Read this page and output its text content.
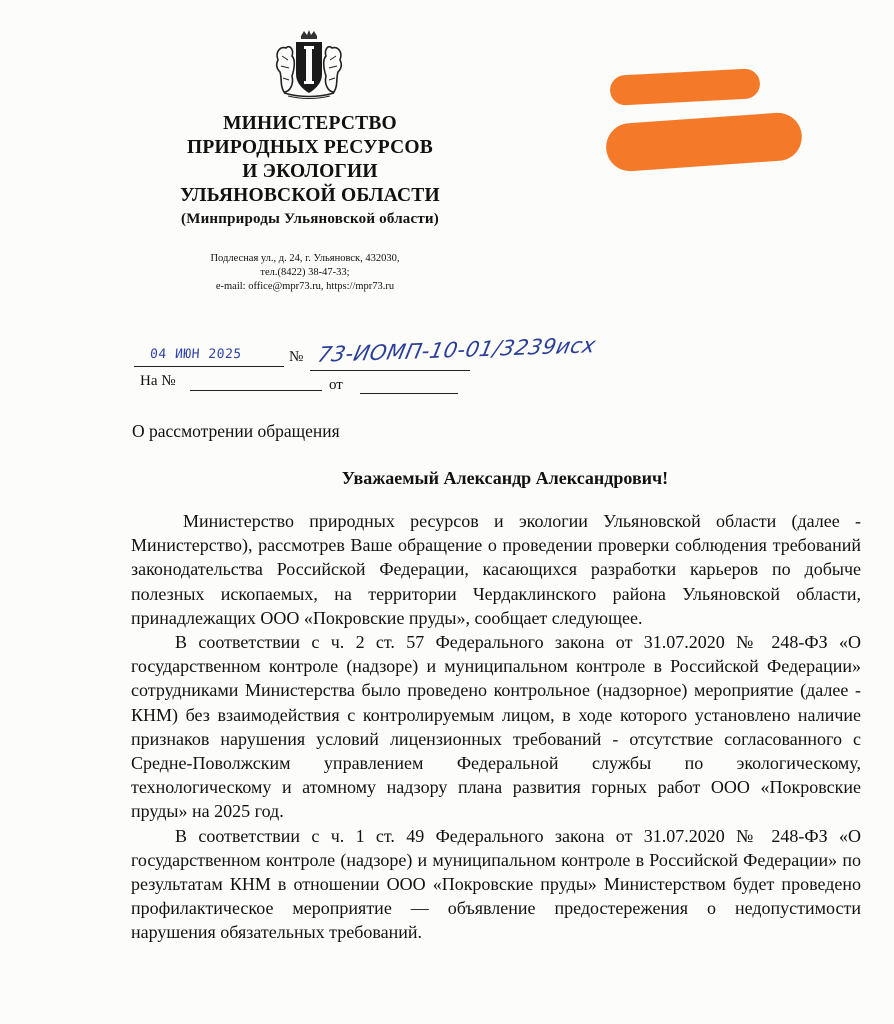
МИНИСТЕРСТВО
ПРИРОДНЫХ РЕСУРСОВ
И ЭКОЛОГИИ
УЛЬЯНОВСКОЙ ОБЛАСТИ
(Минприроды Ульяновской области)
Подлесная ул., д. 24, г. Ульяновск, 432030,
тел.(8422) 38-47-33;
e-mail: office@mpr73.ru, https://mpr73.ru
04 ИЮН 2025	№ 73-ИОМП-10-01/3239исх
На №	от
О рассмотрении обращения
Уважаемый Александр Александрович!

Министерство природных ресурсов и экологии Ульяновской области (далее - Министерство), рассмотрев Ваше обращение о проведении проверки соблюдения требований законодательства Российской Федерации, касающихся разработки карьеров по добыче полезных ископаемых, на территории Чердаклинского района Ульяновской области, принадлежащих ООО «Покровские пруды», сообщает следующее.

В соответствии с ч. 2 ст. 57 Федерального закона от 31.07.2020 № 248-ФЗ «О государственном контроле (надзоре) и муниципальном контроле в Российской Федерации» сотрудниками Министерства было проведено контрольное (надзорное) мероприятие (далее - КНМ) без взаимодействия с контролируемым лицом, в ходе которого установлено наличие признаков нарушения условий лицензионных требований - отсутствие согласованного с Средне-Поволжским управлением Федеральной службы по экологическому, технологическому и атомному надзору плана развития горных работ ООО «Покровские пруды» на 2025 год.

В соответствии с ч. 1 ст. 49 Федерального закона от 31.07.2020 № 248-ФЗ «О государственном контроле (надзоре) и муниципальном контроле в Российской Федерации» по результатам КНМ в отношении ООО «Покровские пруды» Министерством будет проведено профилактическое мероприятие — объявление предостережения о недопустимости нарушения обязательных требований.
